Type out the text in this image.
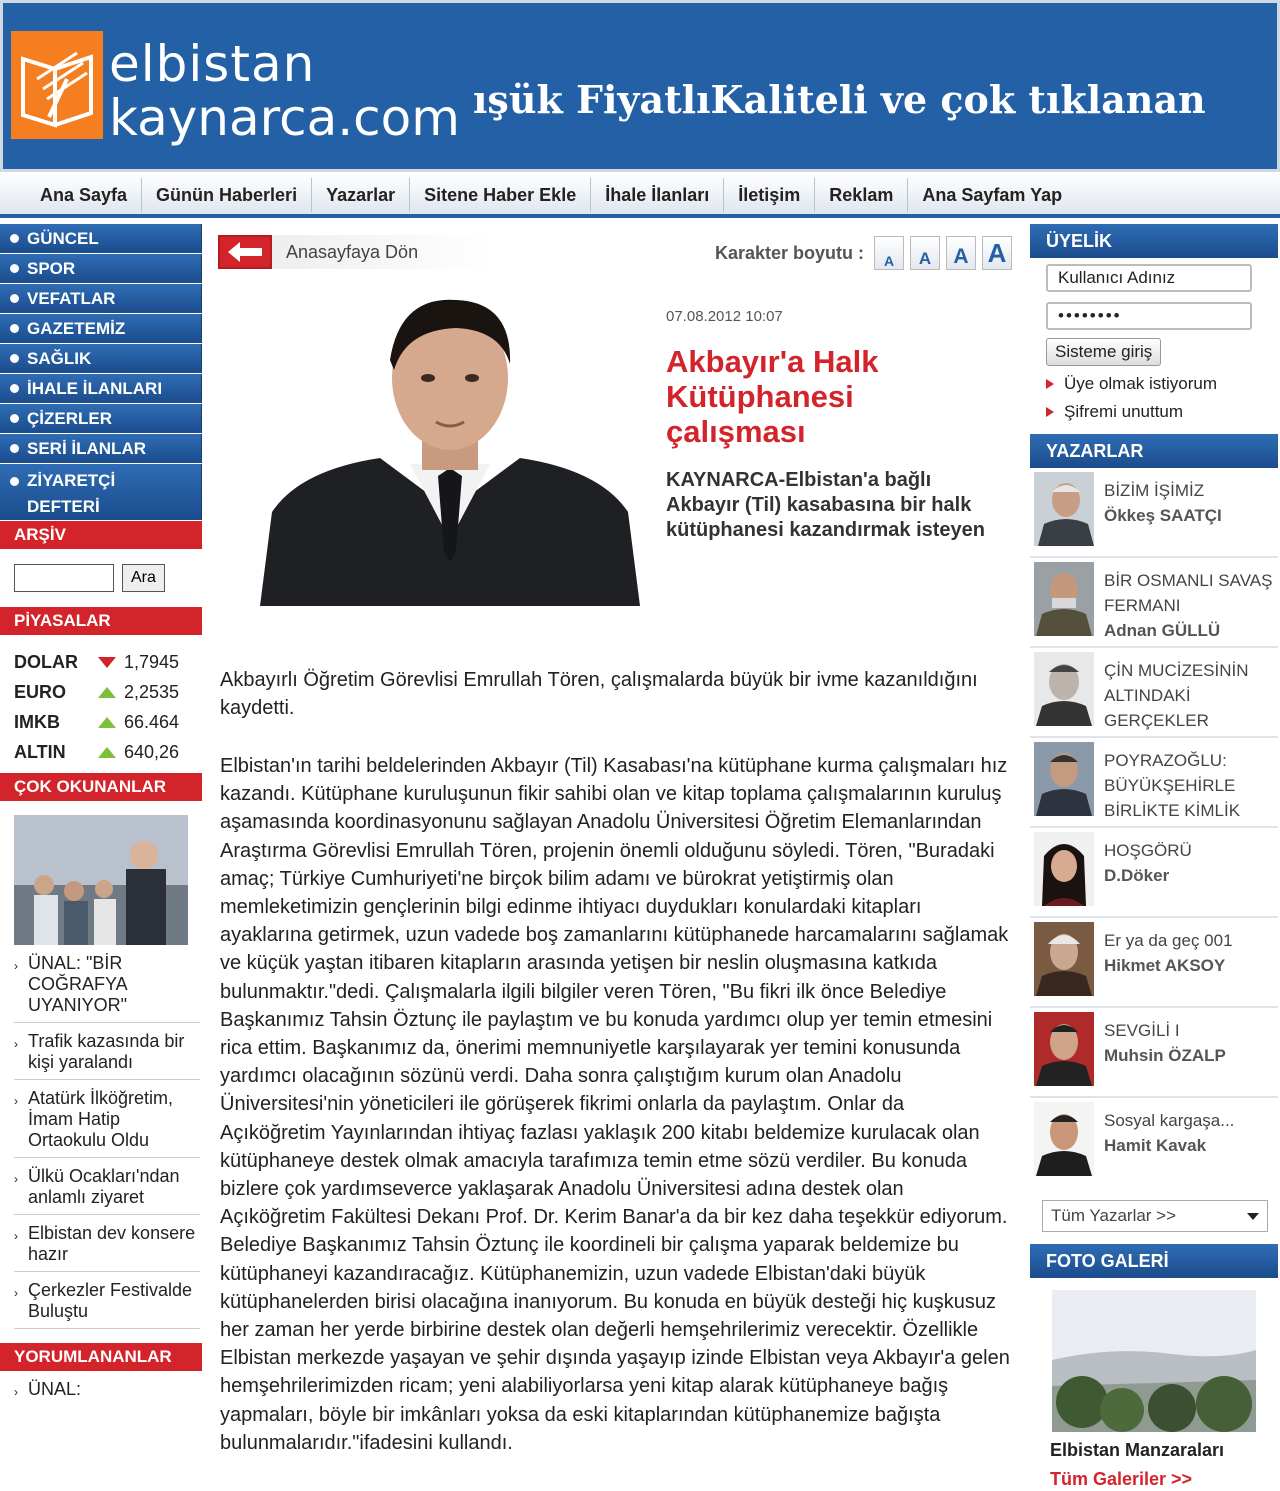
elbistan
kaynarca.com ışük FiyatlıKaliteli ve çok tıklanan
Ana Sayfa	Günün Haberleri	Yazarlar	Sitene Haber Ekle	İhale İlanları	İletişim	Reklam	Ana Sayfam Yap
GÜNCEL
SPOR
VEFATLAR
GAZETEMİZ
SAĞLIK
İHALE İLANLARI
ÇİZERLER
SERİ İLANLAR
ZİYARETÇİ
DEFTERİ
ARŞİV
Ara
PİYASALAR
DOLAR	1,7945
EURO	2,2535
IMKB	66.464
ALTIN	640,26
ÇOK OKUNANLAR
› ÜNAL: "BİR COĞRAFYA UYANIYOR"
› Trafik kazasında bir kişi yaralandı
› Atatürk İlköğretim, İmam Hatip Ortaokulu Oldu
› Ülkü Ocakları'ndan anlamlı ziyaret
› Elbistan dev konsere hazır
› Çerkezler Festivalde Buluştu
YORUMLANANLAR
› ÜNAL:
Anasayfaya Dön	Karakter boyutu :	A	A	A A
07.08.2012 10:07
Akbayır'a Halk Kütüphanesi çalışması
KAYNARCA-Elbistan'a bağlı Akbayır (Til) kasabasına bir halk kütüphanesi kazandırmak isteyen
Akbayırlı Öğretim Görevlisi Emrullah Tören, çalışmalarda büyük bir ivme kazanıldığını kaydetti.
Elbistan'ın tarihi beldelerinden Akbayır (Til) Kasabası'na kütüphane kurma çalışmaları hız kazandı. Kütüphane kuruluşunun fikir sahibi olan ve kitap toplama çalışmalarının kuruluş aşamasında koordinasyonunu sağlayan Anadolu Üniversitesi Öğretim Elemanlarından Araştırma Görevlisi Emrullah Tören, projenin önemli olduğunu söyledi. Tören, "Buradaki amaç; Türkiye Cumhuriyeti'ne birçok bilim adamı ve bürokrat yetiştirmiş olan memleketimizin gençlerinin bilgi edinme ihtiyacı duydukları konulardaki kitapları ayaklarına getirmek, uzun vadede boş zamanlarını kütüphanede harcamalarını sağlamak ve küçük yaştan itibaren kitapların arasında yetişen bir neslin oluşmasına katkıda bulunmaktır."dedi. Çalışmalarla ilgili bilgiler veren Tören, "Bu fikri ilk önce Belediye Başkanımız Tahsin Öztunç ile paylaştım ve bu konuda yardımcı olup yer temin etmesini rica ettim. Başkanımız da, önerimi memnuniyetle karşılayarak yer temini konusunda yardımcı olacağının sözünü verdi. Daha sonra çalıştığım kurum olan Anadolu Üniversitesi'nin yöneticileri ile görüşerek fikrimi onlarla da paylaştım. Onlar da Açıköğretim Yayınlarından ihtiyaç fazlası yaklaşık 200 kitabı beldemize kurulacak olan kütüphaneye destek olmak amacıyla tarafımıza temin etme sözü verdiler. Bu konuda bizlere çok yardımseverce yaklaşarak Anadolu Üniversitesi adına destek olan Açıköğretim Fakültesi Dekanı Prof. Dr. Kerim Banar'a da bir kez daha teşekkür ediyorum. Belediye Başkanımız Tahsin Öztunç ile koordineli bir çalışma yaparak beldemize bu kütüphaneyi kazandıracağız. Kütüphanemizin, uzun vadede Elbistan'daki büyük kütüphanelerden birisi olacağına inanıyorum. Bu konuda en büyük desteği hiç kuşkusuz her zaman her yerde birbirine destek olan değerli hemşehrilerimiz verecektir. Özellikle Elbistan merkezde yaşayan ve şehir dışında yaşayıp izinde Elbistan veya Akbayır'a gelen hemşehrilerimizden ricam; yeni alabiliyorlarsa yeni kitap alarak kütüphaneye bağış yapmaları, böyle bir imkânları yoksa da eski kitaplarından kütüphanemize bağışta bulunmalarıdır."ifadesini kullandı.
ÜYELİK
Kullanıcı Adınız
••••••••
Sisteme giriş
Üye olmak istiyorum
Şifremi unuttum
YAZARLAR
BİZİM İŞİMİZ
Ökkeş SAATÇI
BİR OSMANLI SAVAŞ FERMANI
Adnan GÜLLÜ
ÇİN MUCİZESİNİN ALTINDAKİ GERÇEKLER
POYRAZOĞLU: BÜYÜKŞEHİRLE BİRLİKTE KİMLİK
HOŞGÖRÜ
D.Döker
Er ya da geç 001
Hikmet AKSOY
SEVGİLİ I
Muhsin ÖZALP
Sosyal kargaşa...
Hamit Kavak
Tüm Yazarlar >>
FOTO GALERİ
Elbistan Manzaraları
Tüm Galeriler >>
